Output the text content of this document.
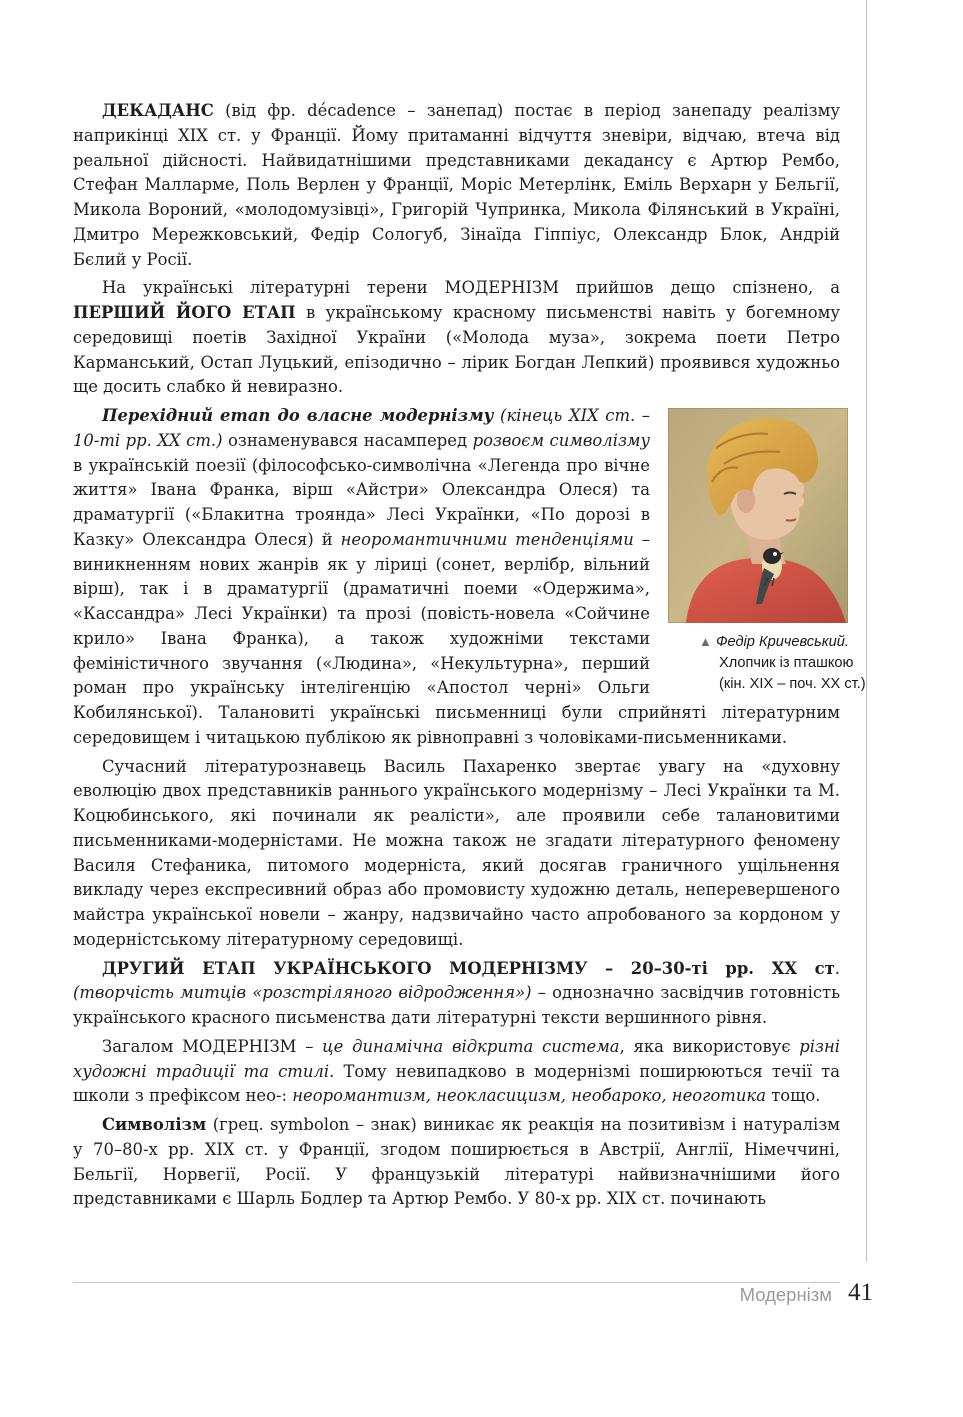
ДЕКАДАНС (від фр. décadence – занепад) постає в період занепаду реалізму наприкінці XIX ст. у Франції. Йому притаманні відчуття зневіри, відчаю, втеча від реальної дійсності. Найвидатнішими представниками декадансу є Артюр Рембо, Стефан Малларме, Поль Верлен у Франції, Моріс Метерлінк, Еміль Верхарн у Бельгії, Микола Вороний, «молодомузівці», Григорій Чупринка, Микола Філянський в Україні, Дмитро Мережковський, Федір Сологуб, Зінаїда Гіппіус, Олександр Блок, Андрій Бєлий у Росії.

На українські літературні терени МОДЕРНІЗМ прийшов дещо спізнено, а ПЕРШИЙ ЙОГО ЕТАП в українському красному письменстві навіть у богемному середовищі поетів Західної України («Молода муза», зокрема поети Петро Карманський, Остап Луцький, епізодично – лірик Богдан Лепкий) проявився художньо ще досить слабко й невиразно.

▲ Федір Кричевський.
Хлопчик із пташкою
(кін. XIX – поч. XX ст.)
Перехідний етап до власне модернізму (кінець XIX ст. – 10-ті рр. XX ст.) ознаменувався насамперед розвоєм символізму в українській поезії (філософсько-символічна «Легенда про вічне життя» Івана Франка, вірш «Айстри» Олександра Олеся) та драматургії («Блакитна троянда» Лесі Українки, «По дорозі в Казку» Олександра Олеся) й неоромантичними тенденціями – виникненням нових жанрів як у ліриці (сонет, верлібр, вільний вірш), так і в драматургії (драматичні поеми «Одержима», «Кассандра» Лесі Українки) та прозі (повість-новела «Сойчине крило» Івана Франка), а також художніми текстами феміністичного звучання («Людина», «Некультурна», перший роман про українську інтелігенцію «Апостол черні» Ольги Кобилянської). Талановиті українські письменниці були сприйняті літературним середовищем і читацькою публікою як рівноправні з чоловіками-письменниками.

Сучасний літературознавець Василь Пахаренко звертає увагу на «духовну еволюцію двох представників раннього українського модернізму – Лесі Українки та М. Коцюбинського, які починали як реалісти», але проявили себе талановитими письменниками-модерністами. Не можна також не згадати літературного феномену Василя Стефаника, питомого модерніста, який досягав граничного ущільнення викладу через експресивний образ або промовисту художню деталь, неперевершеного майстра української новели – жанру, надзвичайно часто апробованого за кордоном у модерністському літературному середовищі.

ДРУГИЙ ЕТАП УКРАЇНСЬКОГО МОДЕРНІЗМУ – 20–30-ті рр. XX ст. (творчість митців «розстріляного відродження») – однозначно засвідчив готовність українського красного письменства дати літературні тексти вершинного рівня.

Загалом МОДЕРНІЗМ – це динамічна відкрита система, яка використовує різні художні традиції та стилі. Тому невипадково в модернізмі поширюються течії та школи з префіксом нео-: неоромантизм, неокласицизм, необароко, неоготика тощо.

Символізм (грец. symbolon – знак) виникає як реакція на позитивізм і натуралізм у 70–80-х рр. XIX ст. у Франції, згодом поширюється в Австрії, Англії, Німеччині, Бельгії, Норвегії, Росії. У французькій літературі найвизначнішими його представниками є Шарль Бодлер та Артюр Рембо. У 80-х рр. XIX ст. починають

Модернізм 41
